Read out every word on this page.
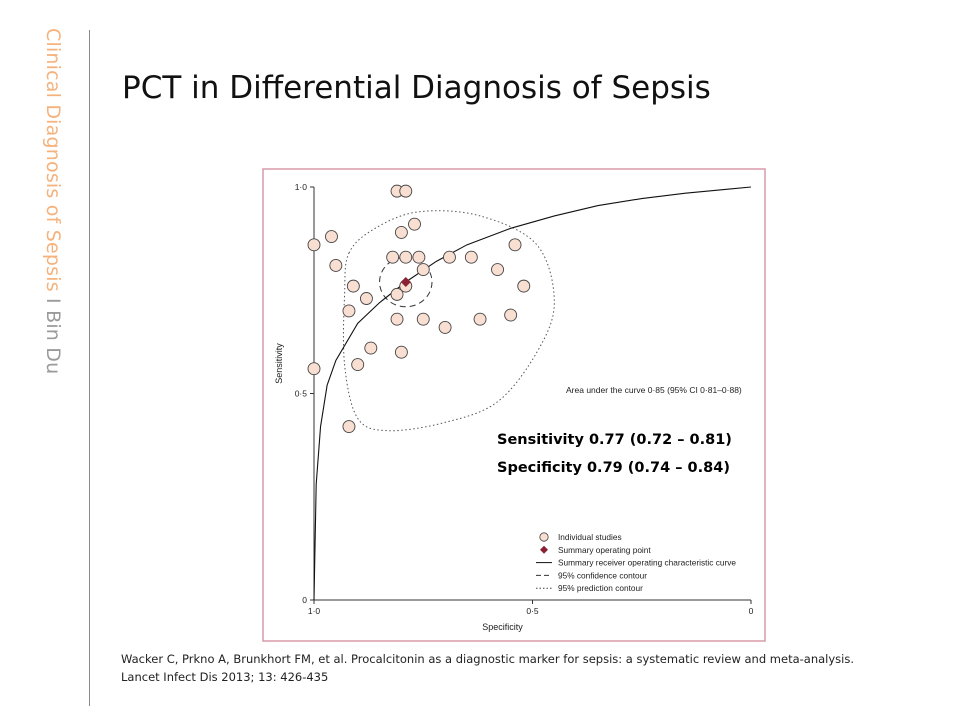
Clinical Diagnosis of Sepsis I Bin Du
PCT in Differential Diagnosis of Sepsis
1·0	0·5	0
0
0·5
1·0
Specificity
Sensitivity
Area under the curve 0·85 (95% CI 0·81–0·88)
Sensitivity 0.77 (0.72 – 0.81)
Specificity 0.79 (0.74 – 0.84)
Individual studies
Summary operating point
Summary receiver operating characteristic curve
95% confidence contour
95% prediction contour
Wacker C, Prkno A, Brunkhort FM, et al. Procalcitonin as a diagnostic marker for sepsis: a systematic review and meta-analysis.
Lancet Infect Dis 2013; 13: 426-435
